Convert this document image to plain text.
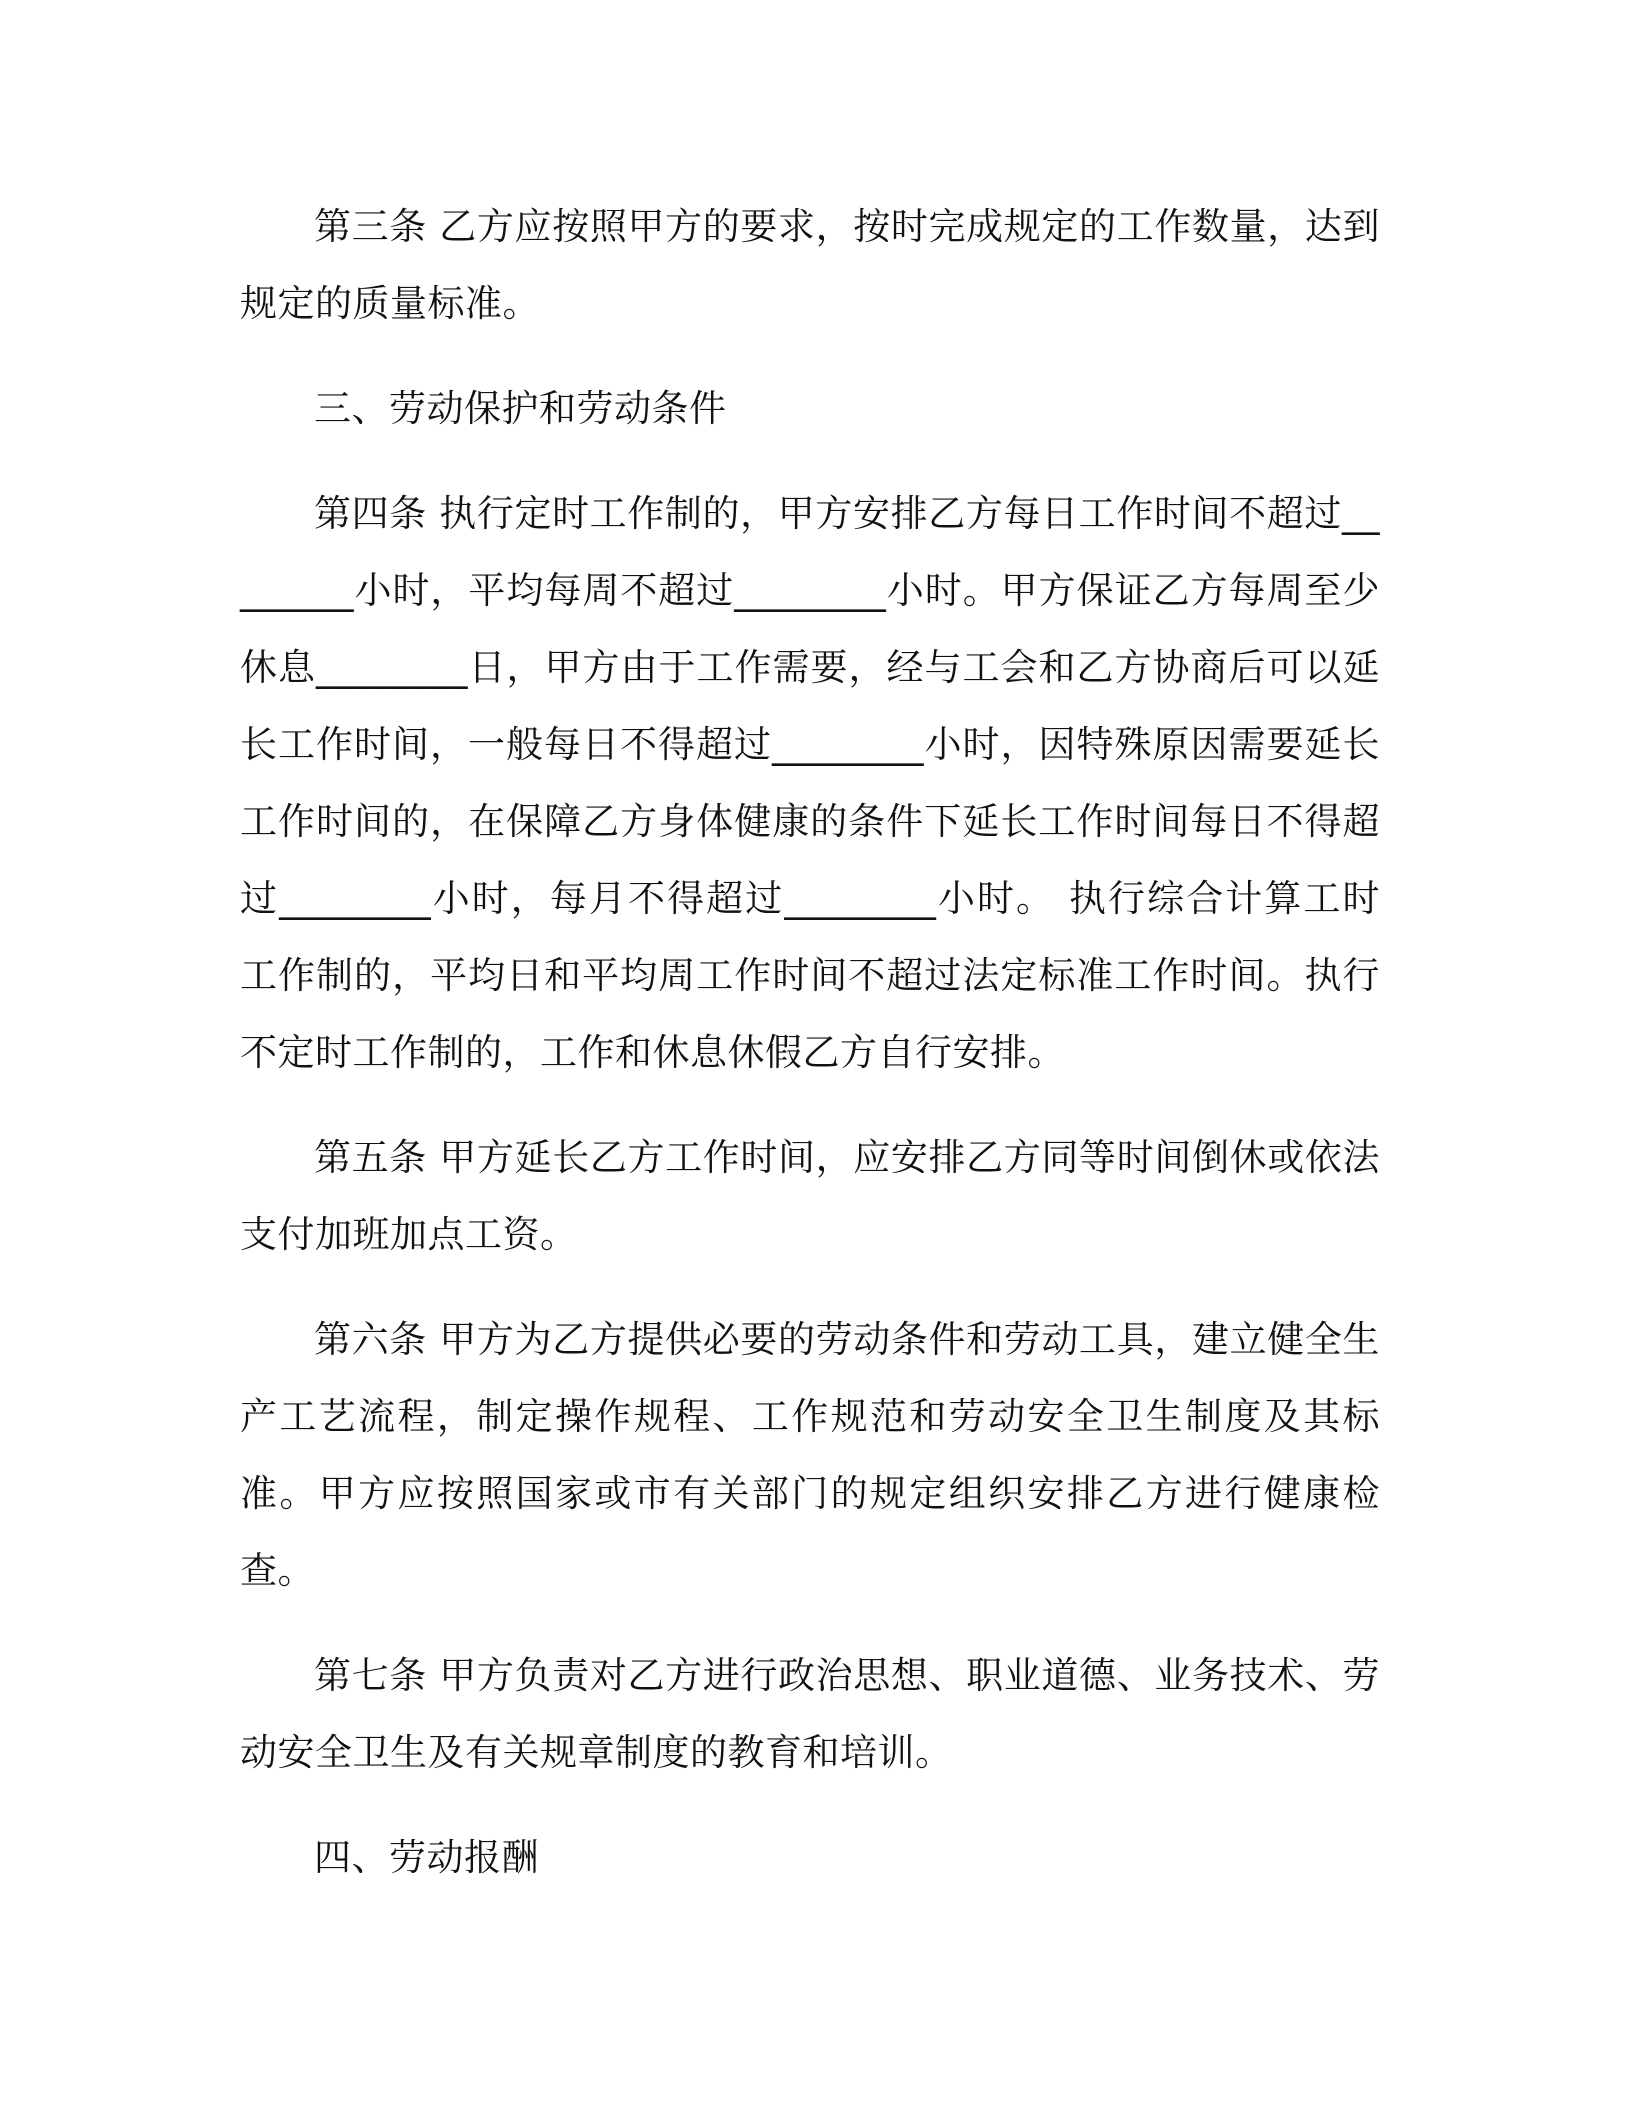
第三条 乙方应按照甲方的要求，按时完成规定的工作数量，达到规定的质量标准。

三、劳动保护和劳动条件

第四条 执行定时工作制的，甲方安排乙方每日工作时间不超过________小时，平均每周不超过________小时。甲方保证乙方每周至少休息________日，甲方由于工作需要，经与工会和乙方协商后可以延长工作时间，一般每日不得超过________小时，因特殊原因需要延长工作时间的，在保障乙方身体健康的条件下延长工作时间每日不得超过________小时，每月不得超过________小时。 执行综合计算工时工作制的，平均日和平均周工作时间不超过法定标准工作时间。执行不定时工作制的，工作和休息休假乙方自行安排。

第五条 甲方延长乙方工作时间，应安排乙方同等时间倒休或依法支付加班加点工资。

第六条 甲方为乙方提供必要的劳动条件和劳动工具，建立健全生产工艺流程，制定操作规程、工作规范和劳动安全卫生制度及其标准。甲方应按照国家或市有关部门的规定组织安排乙方进行健康检查。

第七条 甲方负责对乙方进行政治思想、职业道德、业务技术、劳动安全卫生及有关规章制度的教育和培训。

四、劳动报酬
